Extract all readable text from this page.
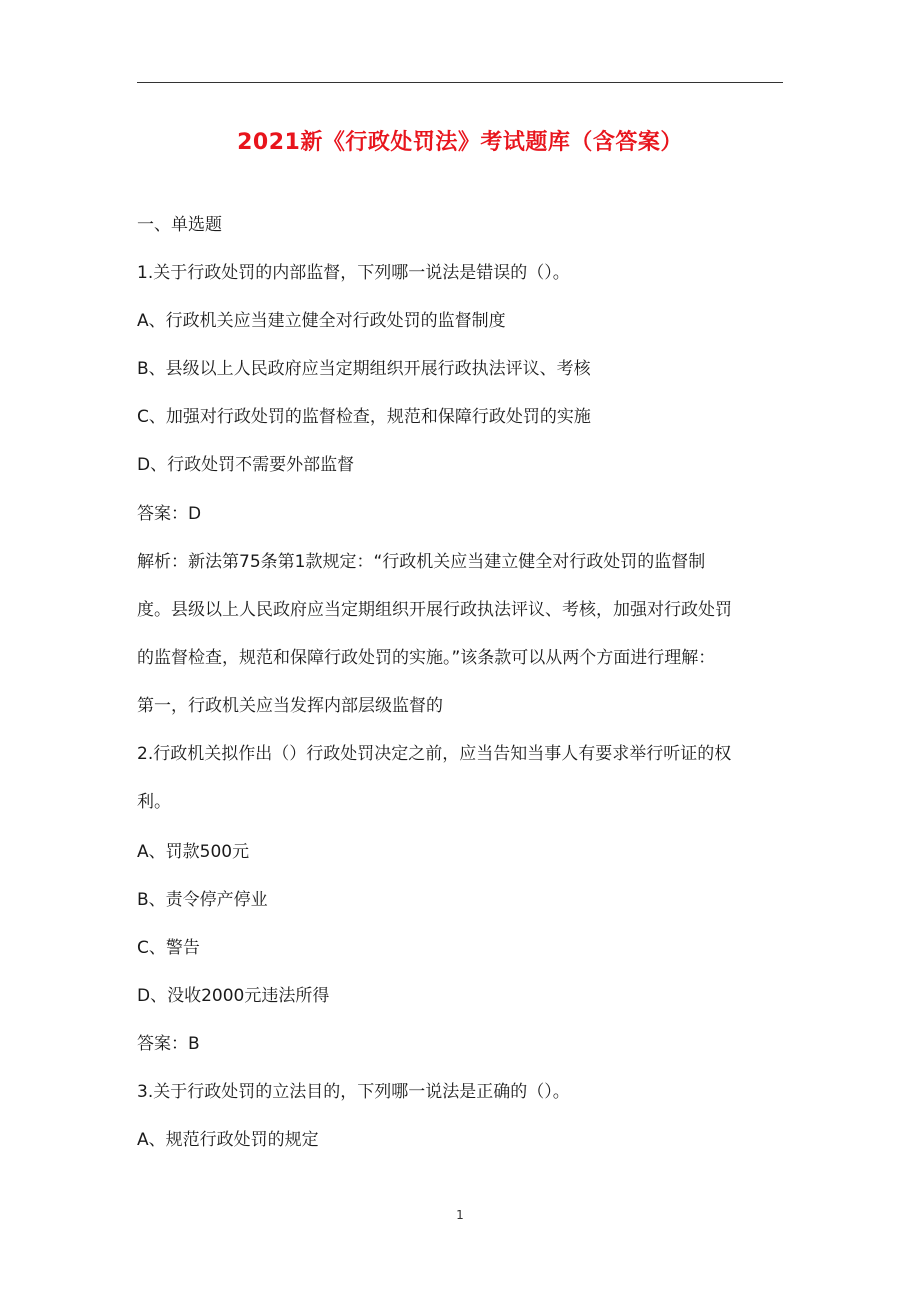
2021新《行政处罚法》考试题库（含答案）
一、单选题
1.关于行政处罚的内部监督，下列哪一说法是错误的（）。
A、行政机关应当建立健全对行政处罚的监督制度
B、县级以上人民政府应当定期组织开展行政执法评议、考核
C、加强对行政处罚的监督检查，规范和保障行政处罚的实施
D、行政处罚不需要外部监督
答案：D
解析：新法第75条第1款规定：“行政机关应当建立健全对行政处罚的监督制
度。县级以上人民政府应当定期组织开展行政执法评议、考核，加强对行政处罚
的监督检查，规范和保障行政处罚的实施。”该条款可以从两个方面进行理解：
第一，行政机关应当发挥内部层级监督的
2.行政机关拟作出（）行政处罚决定之前，应当告知当事人有要求举行听证的权
利。
A、罚款500元
B、责令停产停业
C、警告
D、没收2000元违法所得
答案：B
3.关于行政处罚的立法目的，下列哪一说法是正确的（）。
A、规范行政处罚的规定
1
